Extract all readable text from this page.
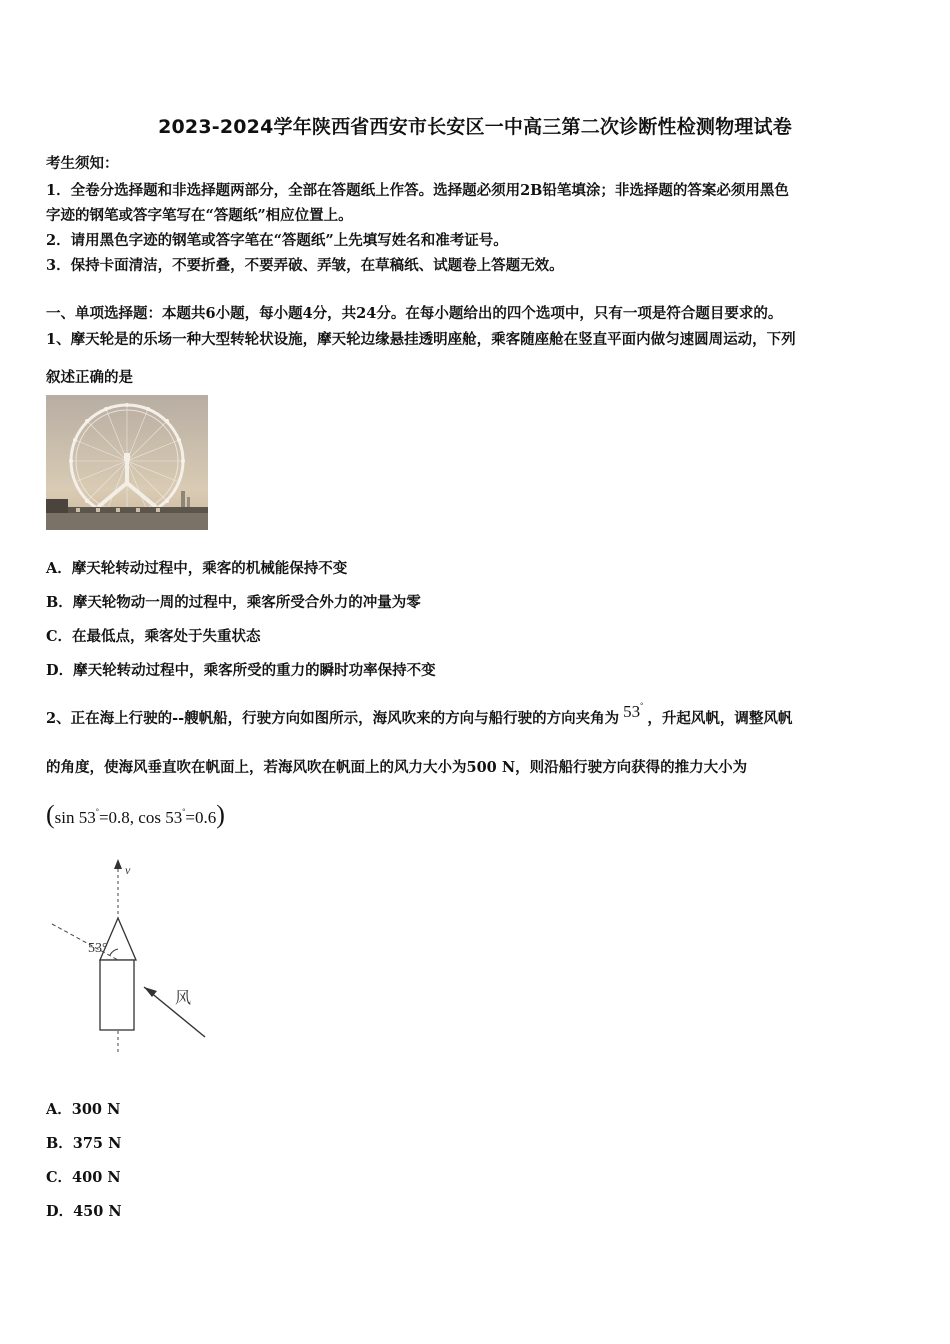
2023-2024学年陕西省西安市长安区一中高三第二次诊断性检测物理试卷
考生须知：
1．全卷分选择题和非选择题两部分，全部在答题纸上作答。选择题必须用2B铅笔填涂；非选择题的答案必须用黑色
字迹的钢笔或答字笔写在“答题纸”相应位置上。
2．请用黑色字迹的钢笔或答字笔在“答题纸”上先填写姓名和准考证号。
3．保持卡面清洁，不要折叠，不要弄破、弄皱，在草稿纸、试题卷上答题无效。
一、单项选择题：本题共6小题，每小题4分，共24分。在每小题给出的四个选项中，只有一项是符合题目要求的。
1、摩天轮是的乐场一种大型转轮状设施，摩天轮边缘悬挂透明座舱，乘客随座舱在竖直平面内做匀速圆周运动，下列
叙述正确的是
A．摩天轮转动过程中，乘客的机械能保持不变
B．摩天轮物动一周的过程中，乘客所受合外力的冲量为零
C．在最低点，乘客处于失重状态
D．摩天轮转动过程中，乘客所受的重力的瞬时功率保持不变
2、正在海上行驶的--艘帆船，行驶方向如图所示，海风吹来的方向与船行驶的方向夹角为 53°，升起风帆，调整风帆
的角度，使海风垂直吹在帆面上，若海风吹在帆面上的风力大小为500 N，则沿船行驶方向获得的推力大小为
(sin 53°=0.8, cos 53°=0.6)
v
53°
风
A．300 N
B．375 N
C．400 N
D．450 N
